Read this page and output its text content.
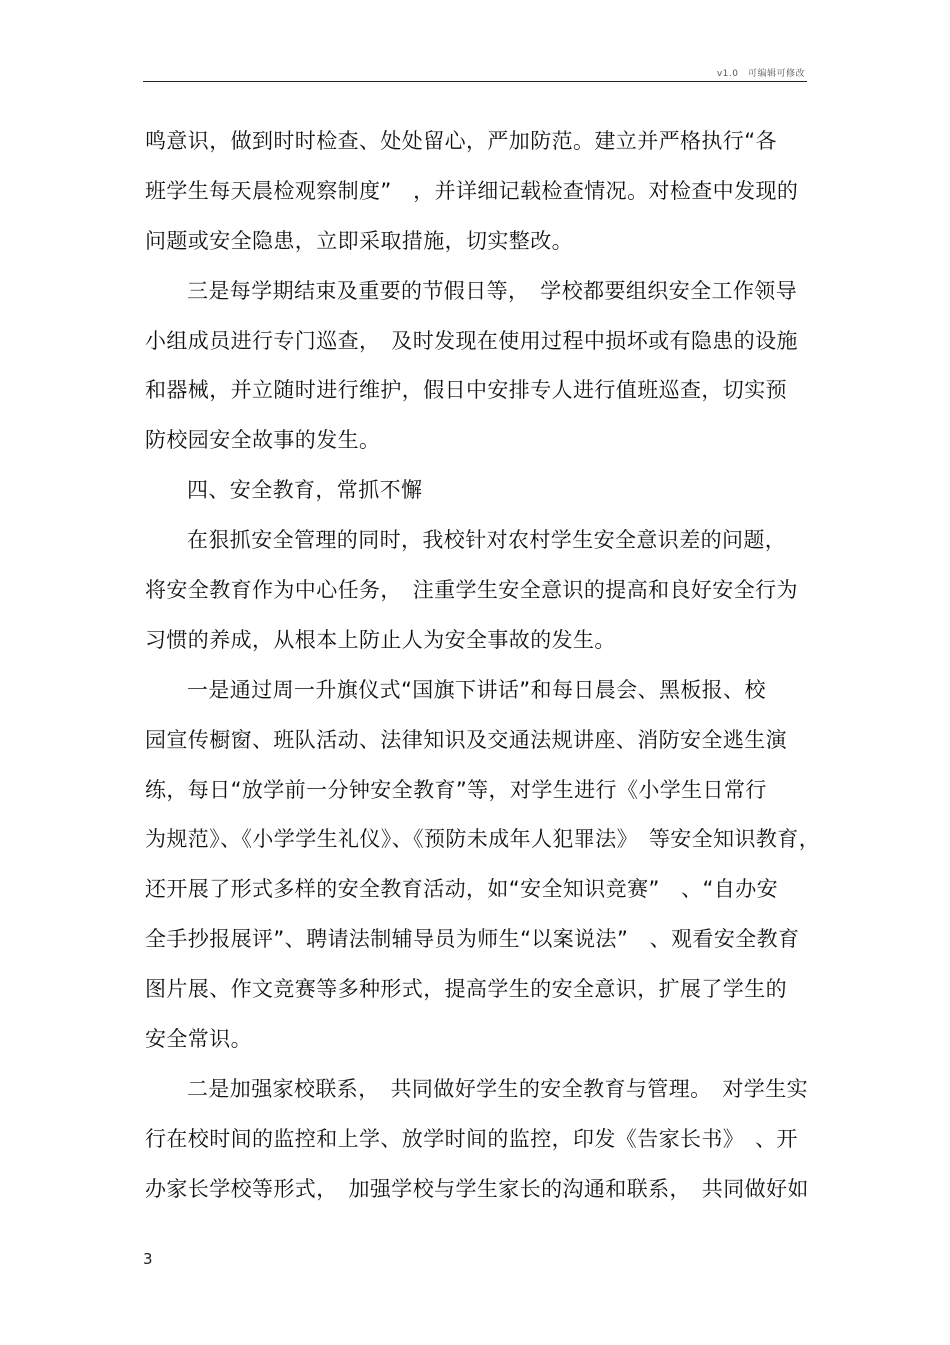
v1.0　可编辑可修改
鸣意识，做到时时检查、处处留心，严加防范。建立并严格执行“各
班学生每天晨检观察制度”　，并详细记载检查情况。对检查中发现的
问题或安全隐患，立即采取措施，切实整改。
三是每学期结束及重要的节假日等，　学校都要组织安全工作领导
小组成员进行专门巡查，　及时发现在使用过程中损坏或有隐患的设施
和器械，并立随时进行维护，假日中安排专人进行值班巡查，切实预
防校园安全故事的发生。
四、安全教育，常抓不懈
在狠抓安全管理的同时，我校针对农村学生安全意识差的问题，
将安全教育作为中心任务，　注重学生安全意识的提高和良好安全行为
习惯的养成，从根本上防止人为安全事故的发生。
一是通过周一升旗仪式“国旗下讲话”和每日晨会、黑板报、校
园宣传橱窗、班队活动、法律知识及交通法规讲座、消防安全逃生演
练，每日“放学前一分钟安全教育”等，对学生进行《小学生日常行
为规范》、《小学学生礼仪》、《预防未成年人犯罪法》　等安全知识教育，
还开展了形式多样的安全教育活动，如“安全知识竞赛”　、“自办安
全手抄报展评”、聘请法制辅导员为师生“以案说法”　、观看安全教育
图片展、作文竞赛等多种形式，提高学生的安全意识，扩展了学生的
安全常识。
二是加强家校联系，　共同做好学生的安全教育与管理。　对学生实
行在校时间的监控和上学、放学时间的监控，印发《告家长书》　、开
办家长学校等形式，　加强学校与学生家长的沟通和联系，　共同做好如
3
